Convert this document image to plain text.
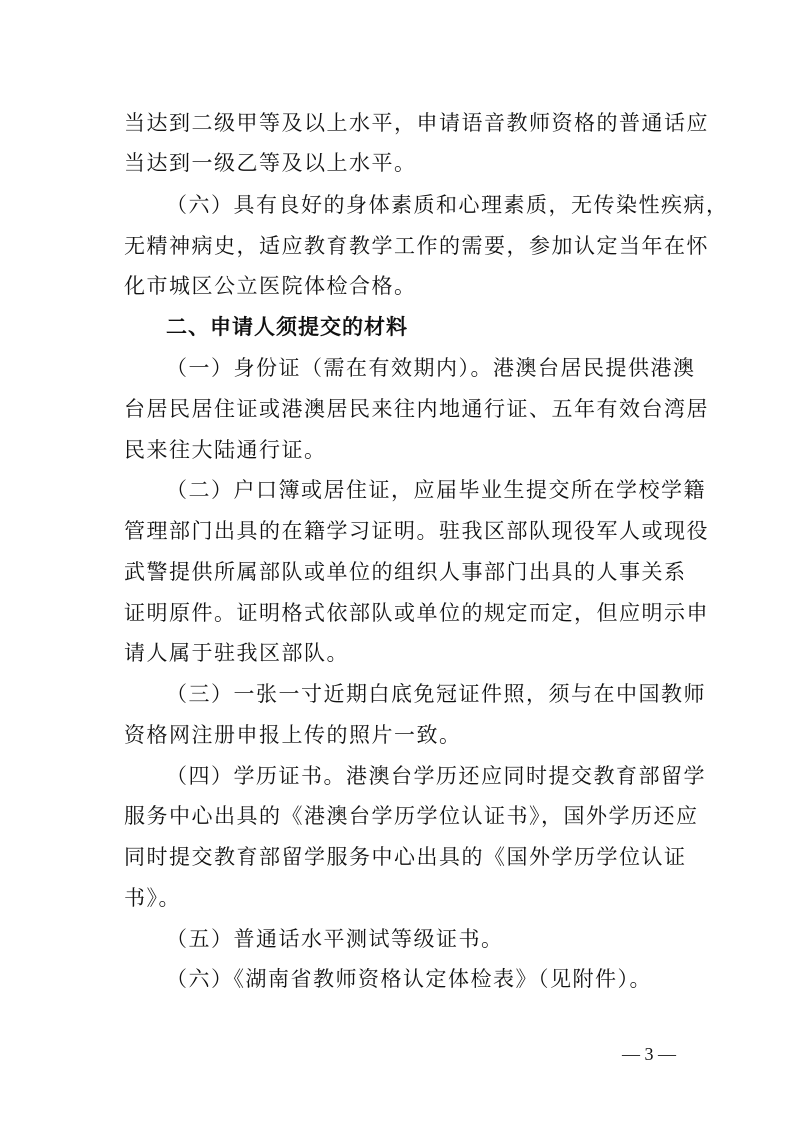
当达到二级甲等及以上水平，申请语音教师资格的普通话应
当达到一级乙等及以上水平。
（六）具有良好的身体素质和心理素质，无传染性疾病，
无精神病史，适应教育教学工作的需要，参加认定当年在怀
化市城区公立医院体检合格。
二、申请人须提交的材料
（一）身份证（需在有效期内）。港澳台居民提供港澳
台居民居住证或港澳居民来往内地通行证、五年有效台湾居
民来往大陆通行证。
（二）户口簿或居住证，应届毕业生提交所在学校学籍
管理部门出具的在籍学习证明。驻我区部队现役军人或现役
武警提供所属部队或单位的组织人事部门出具的人事关系
证明原件。证明格式依部队或单位的规定而定，但应明示申
请人属于驻我区部队。
（三）一张一寸近期白底免冠证件照，须与在中国教师
资格网注册申报上传的照片一致。
（四）学历证书。港澳台学历还应同时提交教育部留学
服务中心出具的《港澳台学历学位认证书》，国外学历还应
同时提交教育部留学服务中心出具的《国外学历学位认证
书》。
（五）普通话水平测试等级证书。
（六）《湖南省教师资格认定体检表》（见附件）。
— 3 —
